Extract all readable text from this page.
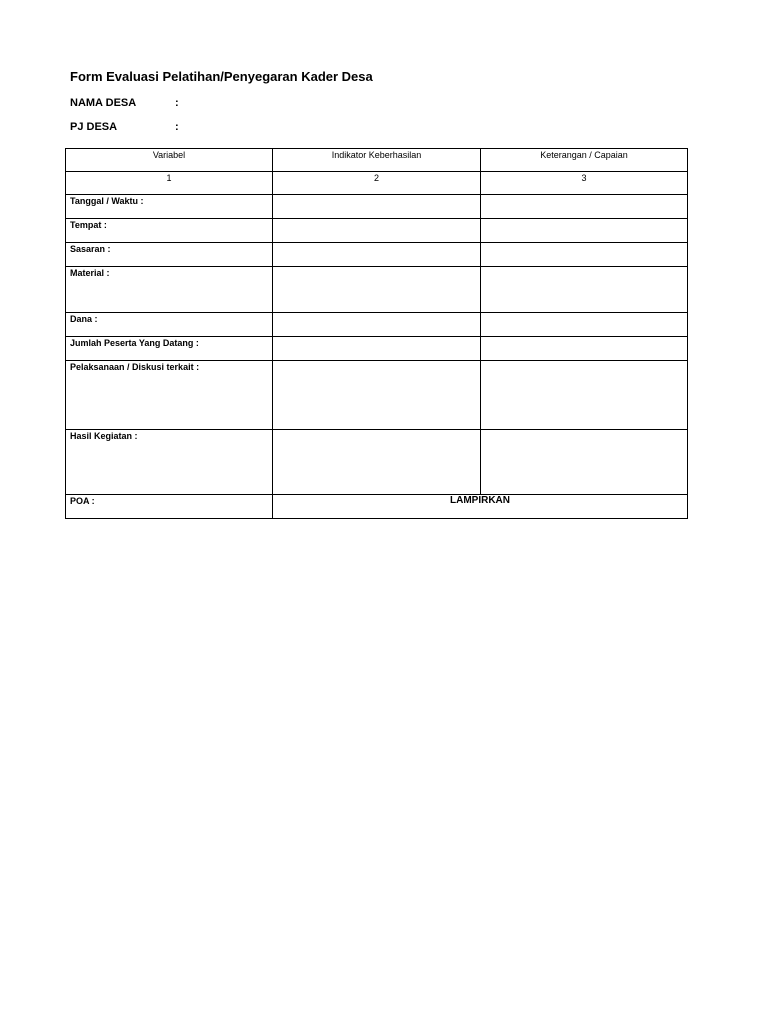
Form Evaluasi Pelatihan/Penyegaran Kader Desa
NAMA DESA	:
PJ DESA	:
Variabel	Indikator Keberhasilan	Keterangan / Capaian
1	2	3
Tanggal / Waktu :		
Tempat :		
Sasaran :		
Material :		
Dana :		
Jumlah Peserta Yang Datang :		
Pelaksanaan / Diskusi terkait :		
Hasil Kegiatan :		
POA :	LAMPIRKAN	
